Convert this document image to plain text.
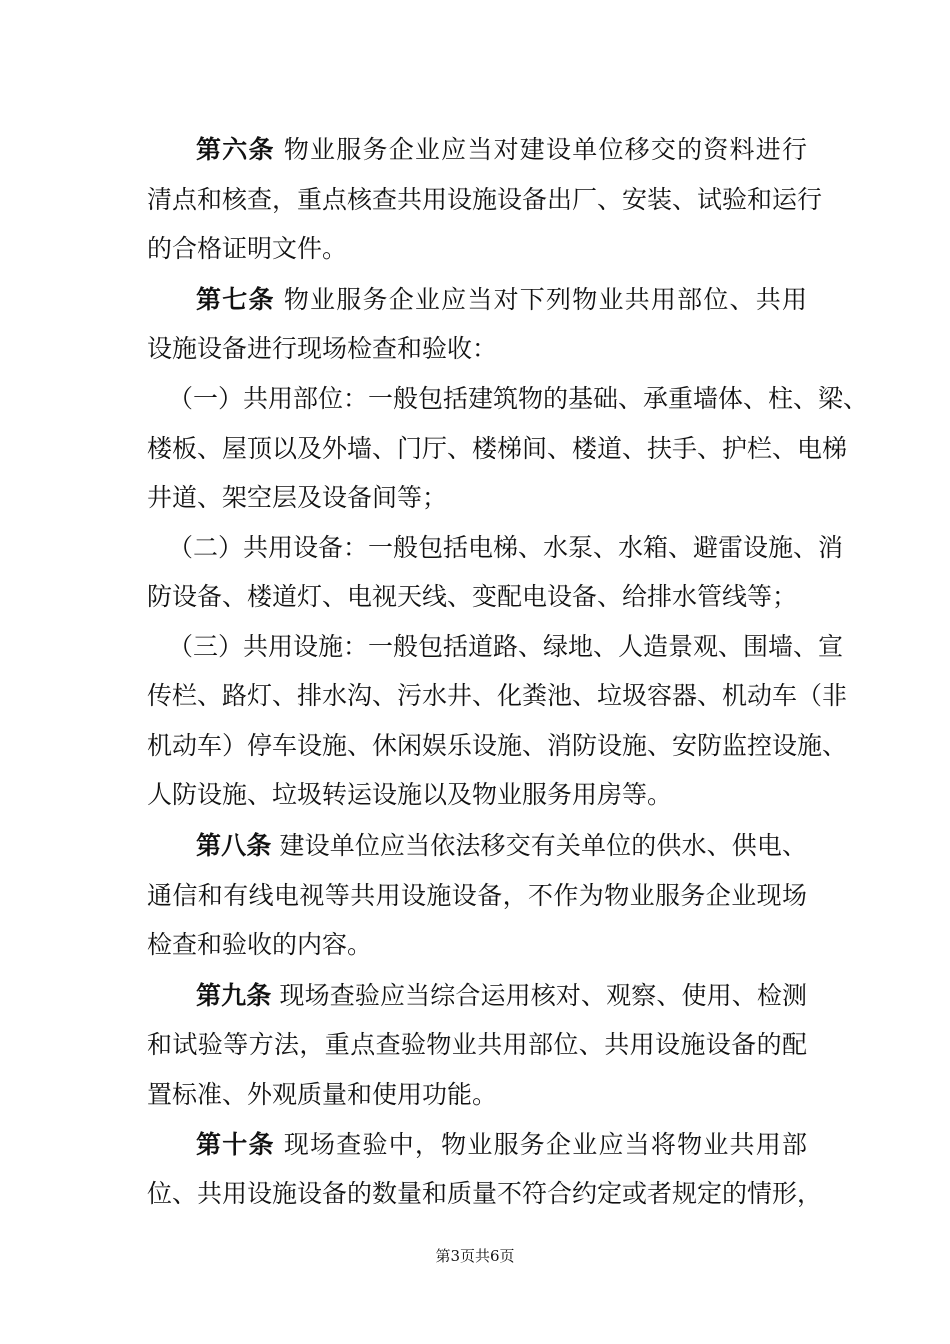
第六条 物业服务企业应当对建设单位移交的资料进行
清点和核查，重点核查共用设施设备出厂、安装、试验和运行
的合格证明文件。
第七条 物业服务企业应当对下列物业共用部位、共用
设施设备进行现场检查和验收：
（一）共用部位：一般包括建筑物的基础、承重墙体、柱、梁、
楼板、屋顶以及外墙、门厅、楼梯间、楼道、扶手、护栏、电梯
井道、架空层及设备间等；
（二）共用设备：一般包括电梯、水泵、水箱、避雷设施、消
防设备、楼道灯、电视天线、变配电设备、给排水管线等；
（三）共用设施：一般包括道路、绿地、人造景观、围墙、宣
传栏、路灯、排水沟、污水井、化粪池、垃圾容器、机动车（非
机动车）停车设施、休闲娱乐设施、消防设施、安防监控设施、
人防设施、垃圾转运设施以及物业服务用房等。
第八条 建设单位应当依法移交有关单位的供水、供电、
通信和有线电视等共用设施设备，不作为物业服务企业现场
检查和验收的内容。
第九条 现场查验应当综合运用核对、观察、使用、检测
和试验等方法，重点查验物业共用部位、共用设施设备的配
置标准、外观质量和使用功能。
第十条 现场查验中，物业服务企业应当将物业共用部
位、共用设施设备的数量和质量不符合约定或者规定的情形，
第3页共6页
